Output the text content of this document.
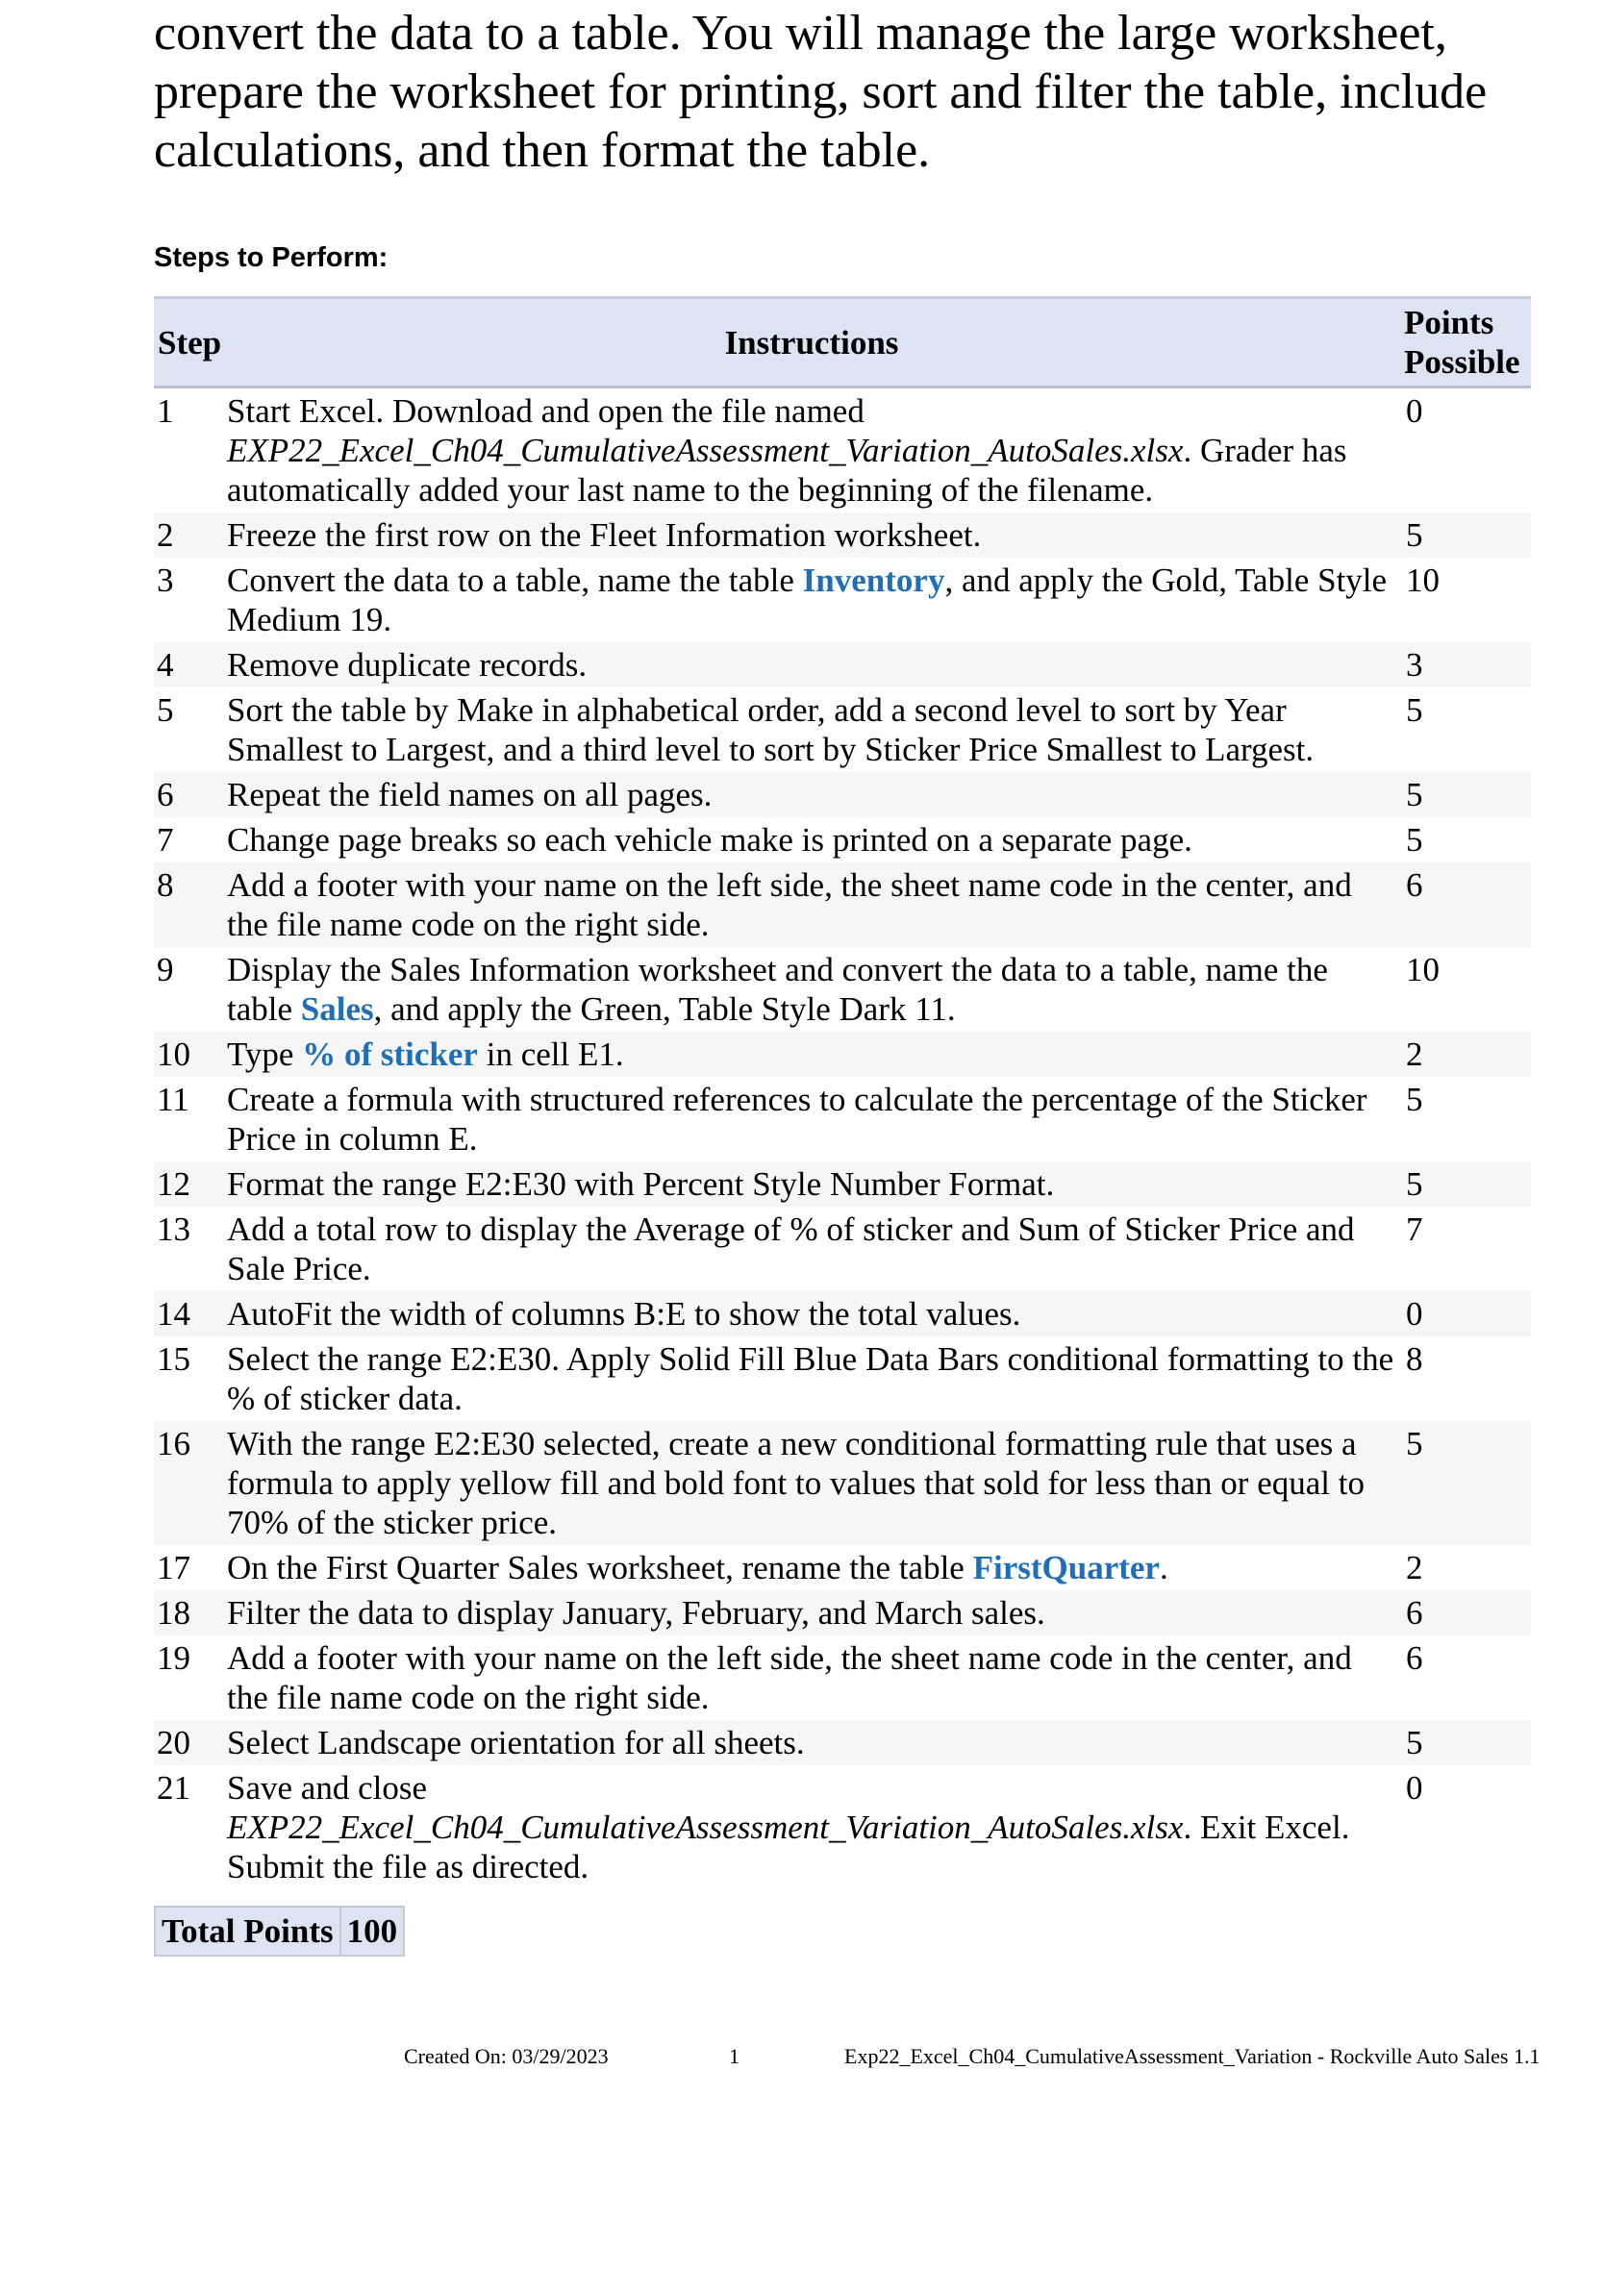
convert the data to a table. You will manage the large worksheet,
prepare the worksheet for printing, sort and filter the table, include
calculations, and then format the table.
Steps to Perform:
Step	Instructions	Points
Possible
1	Start Excel. Download and open the file named EXP22_Excel_Ch04_CumulativeAssessment_Variation_AutoSales.xlsx. Grader has automatically added your last name to the beginning of the filename.	0
2	Freeze the first row on the Fleet Information worksheet.	5
3	Convert the data to a table, name the table Inventory, and apply the Gold, Table Style Medium 19.	10
4	Remove duplicate records.	3
5	Sort the table by Make in alphabetical order, add a second level to sort by Year Smallest to Largest, and a third level to sort by Sticker Price Smallest to Largest.	5
6	Repeat the field names on all pages.	5
7	Change page breaks so each vehicle make is printed on a separate page.	5
8	Add a footer with your name on the left side, the sheet name code in the center, and the file name code on the right side.	6
9	Display the Sales Information worksheet and convert the data to a table, name the table Sales, and apply the Green, Table Style Dark 11.	10
10	Type % of sticker in cell E1.	2
11	Create a formula with structured references to calculate the percentage of the Sticker Price in column E.	5
12	Format the range E2:E30 with Percent Style Number Format.	5
13	Add a total row to display the Average of % of sticker and Sum of Sticker Price and Sale Price.	7
14	AutoFit the width of columns B:E to show the total values.	0
15	Select the range E2:E30. Apply Solid Fill Blue Data Bars conditional formatting to the % of sticker data.	8
16	With the range E2:E30 selected, create a new conditional formatting rule that uses a formula to apply yellow fill and bold font to values that sold for less than or equal to 70% of the sticker price.	5
17	On the First Quarter Sales worksheet, rename the table FirstQuarter.	2
18	Filter the data to display January, February, and March sales.	6
19	Add a footer with your name on the left side, the sheet name code in the center, and the file name code on the right side.	6
20	Select Landscape orientation for all sheets.	5
21	Save and close EXP22_Excel_Ch04_CumulativeAssessment_Variation_AutoSales.xlsx. Exit Excel. Submit the file as directed.	0
Total Points	100
Created On: 03/29/2023	1	Exp22_Excel_Ch04_CumulativeAssessment_Variation - Rockville Auto Sales 1.1
